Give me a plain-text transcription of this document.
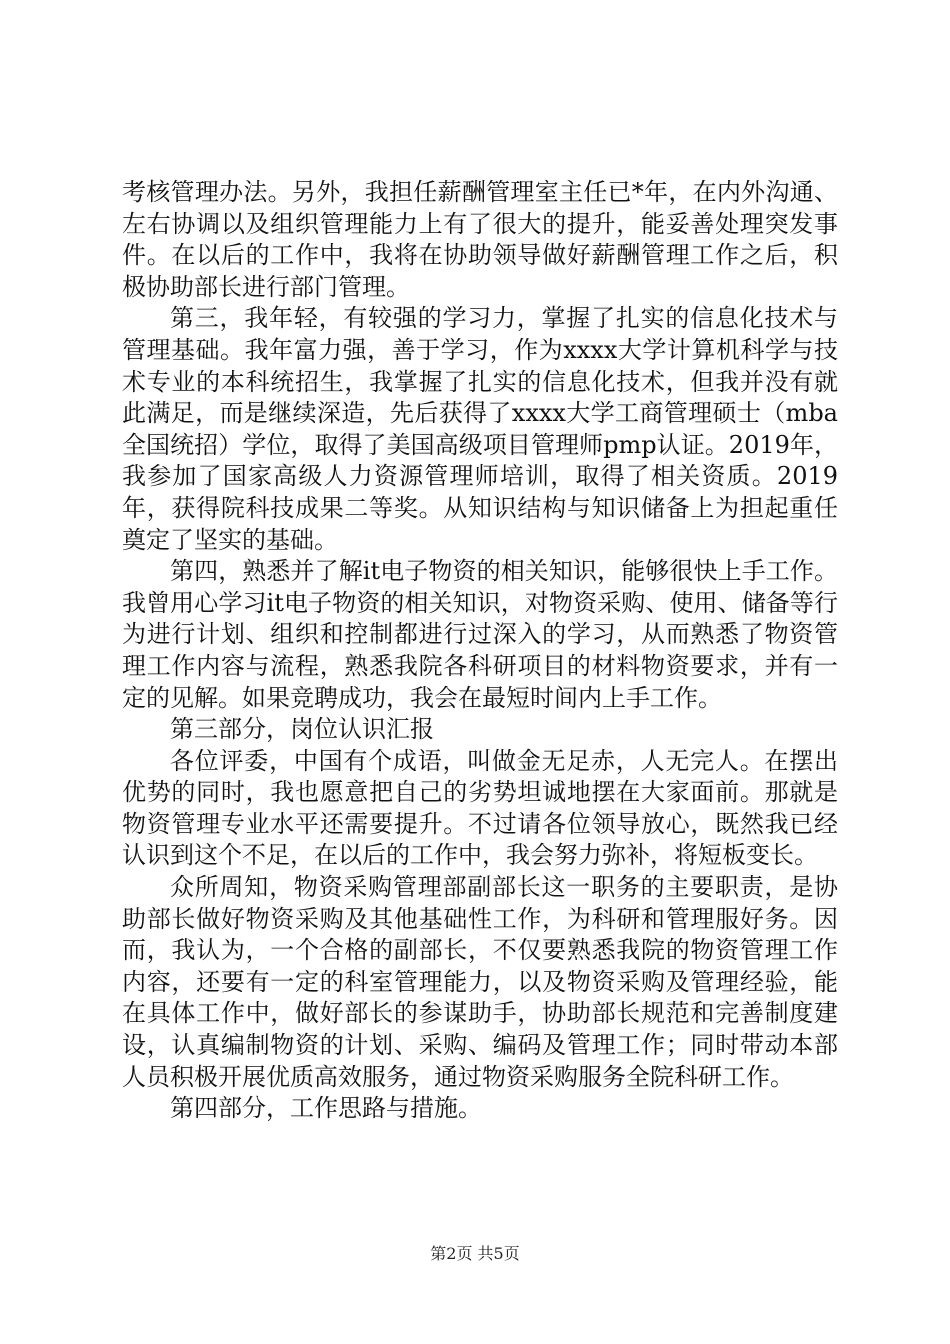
考核管理办法。另外，我担任薪酬管理室主任已*年，在内外沟通、左右协调以及组织管理能力上有了很大的提升，能妥善处理突发事件。在以后的工作中，我将在协助领导做好薪酬管理工作之后，积极协助部长进行部门管理。

第三，我年轻，有较强的学习力，掌握了扎实的信息化技术与管理基础。我年富力强，善于学习，作为xxxx大学计算机科学与技术专业的本科统招生，我掌握了扎实的信息化技术，但我并没有就此满足，而是继续深造，先后获得了xxxx大学工商管理硕士（mba全国统招）学位，取得了美国高级项目管理师pmp认证。2019年，我参加了国家高级人力资源管理师培训，取得了相关资质。2019年，获得院科技成果二等奖。从知识结构与知识储备上为担起重任奠定了坚实的基础。

第四，熟悉并了解it电子物资的相关知识，能够很快上手工作。我曾用心学习it电子物资的相关知识，对物资采购、使用、储备等行为进行计划、组织和控制都进行过深入的学习，从而熟悉了物资管理工作内容与流程，熟悉我院各科研项目的材料物资要求，并有一定的见解。如果竞聘成功，我会在最短时间内上手工作。

第三部分，岗位认识汇报

各位评委，中国有个成语，叫做金无足赤，人无完人。在摆出优势的同时，我也愿意把自己的劣势坦诚地摆在大家面前。那就是物资管理专业水平还需要提升。不过请各位领导放心，既然我已经认识到这个不足，在以后的工作中，我会努力弥补，将短板变长。

众所周知，物资采购管理部副部长这一职务的主要职责，是协助部长做好物资采购及其他基础性工作，为科研和管理服好务。因而，我认为，一个合格的副部长，不仅要熟悉我院的物资管理工作内容，还要有一定的科室管理能力，以及物资采购及管理经验，能在具体工作中，做好部长的参谋助手，协助部长规范和完善制度建设，认真编制物资的计划、采购、编码及管理工作；同时带动本部人员积极开展优质高效服务，通过物资采购服务全院科研工作。

第四部分，工作思路与措施。

第2页 共5页
